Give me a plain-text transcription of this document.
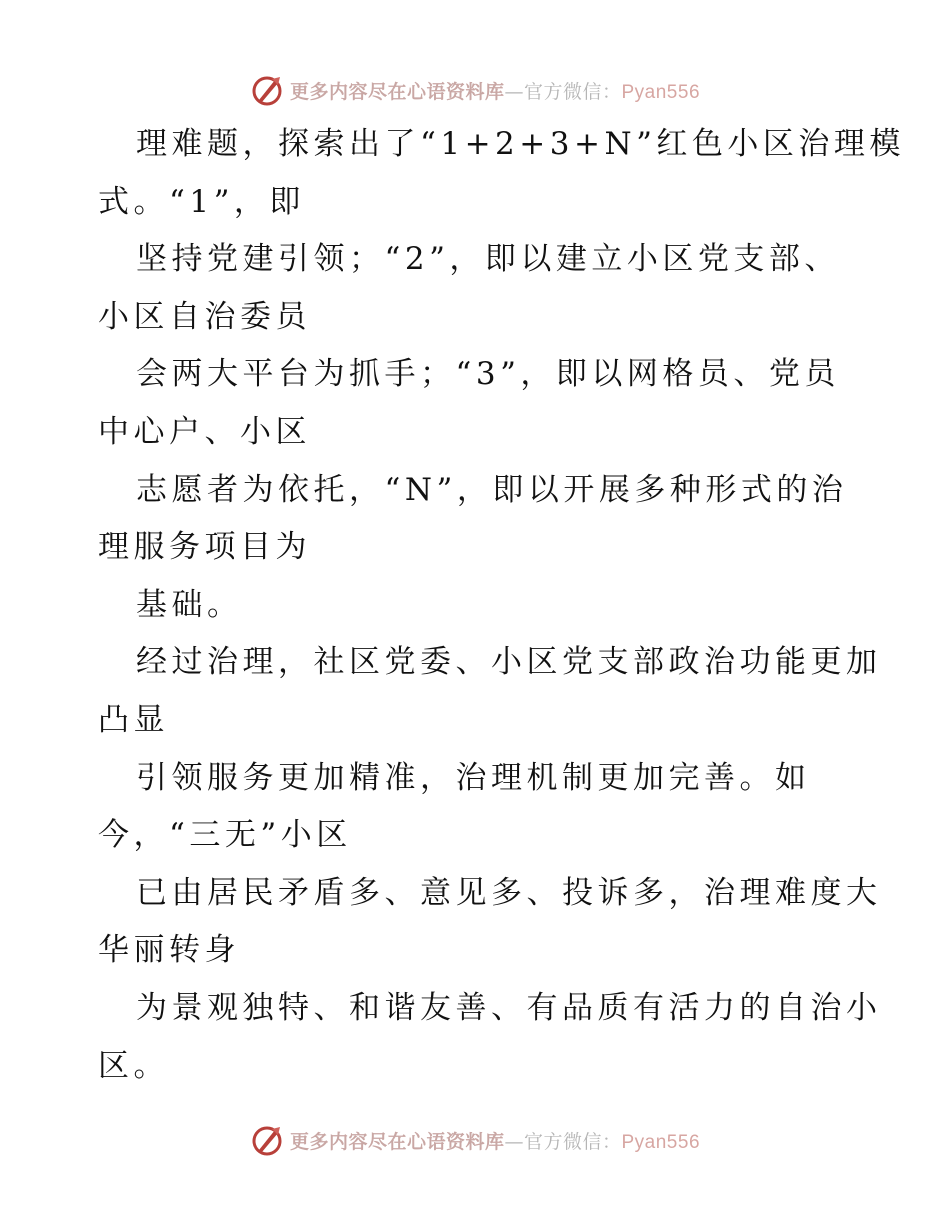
更多内容尽在心语资料库—官方微信：Pyan556
理难题，探索出了“1+2+3+N”红色小区治理模
式。“1”，即
坚持党建引领；“2”，即以建立小区党支部、
小区自治委员
会两大平台为抓手；“3”，即以网格员、党员
中心户、小区
志愿者为依托，“N”，即以开展多种形式的治
理服务项目为
基础。
经过治理，社区党委、小区党支部政治功能更加
凸显
引领服务更加精准，治理机制更加完善。如
今，“三无”小区
已由居民矛盾多、意见多、投诉多，治理难度大
华丽转身
为景观独特、和谐友善、有品质有活力的自治小
区。
更多内容尽在心语资料库—官方微信：Pyan556
